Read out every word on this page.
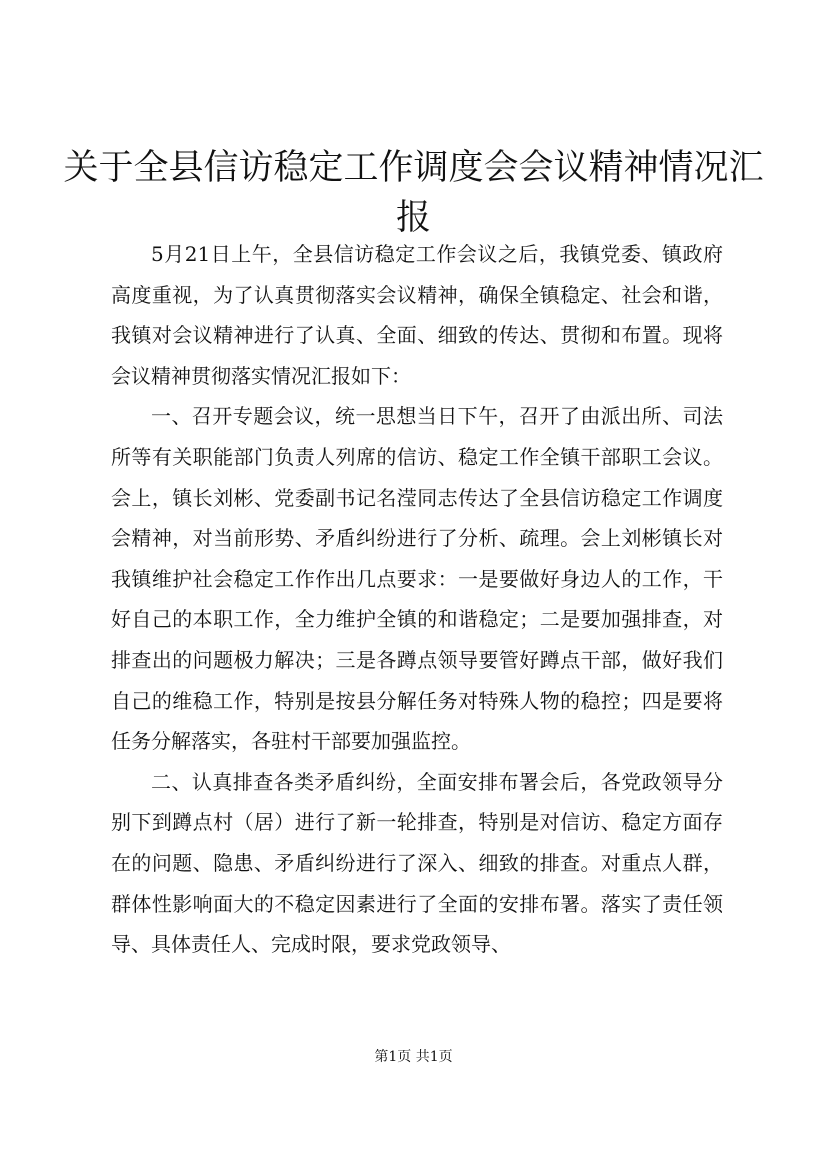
关于全县信访稳定工作调度会会议精神情况汇
报

5月21日上午，全县信访稳定工作会议之后，我镇党委、镇政府高度重视，为了认真贯彻落实会议精神，确保全镇稳定、社会和谐，我镇对会议精神进行了认真、全面、细致的传达、贯彻和布置。现将会议精神贯彻落实情况汇报如下：

一、召开专题会议，统一思想当日下午，召开了由派出所、司法所等有关职能部门负责人列席的信访、稳定工作全镇干部职工会议。会上，镇长刘彬、党委副书记名滢同志传达了全县信访稳定工作调度会精神，对当前形势、矛盾纠纷进行了分析、疏理。会上刘彬镇长对我镇维护社会稳定工作作出几点要求：一是要做好身边人的工作，干好自己的本职工作，全力维护全镇的和谐稳定；二是要加强排查，对排查出的问题极力解决；三是各蹲点领导要管好蹲点干部，做好我们自己的维稳工作，特别是按县分解任务对特殊人物的稳控；四是要将任务分解落实，各驻村干部要加强监控。

二、认真排查各类矛盾纠纷，全面安排布署会后，各党政领导分别下到蹲点村（居）进行了新一轮排查，特别是对信访、稳定方面存在的问题、隐患、矛盾纠纷进行了深入、细致的排查。对重点人群，群体性影响面大的不稳定因素进行了全面的安排布署。落实了责任领导、具体责任人、完成时限，要求党政领导、

第1页 共1页
